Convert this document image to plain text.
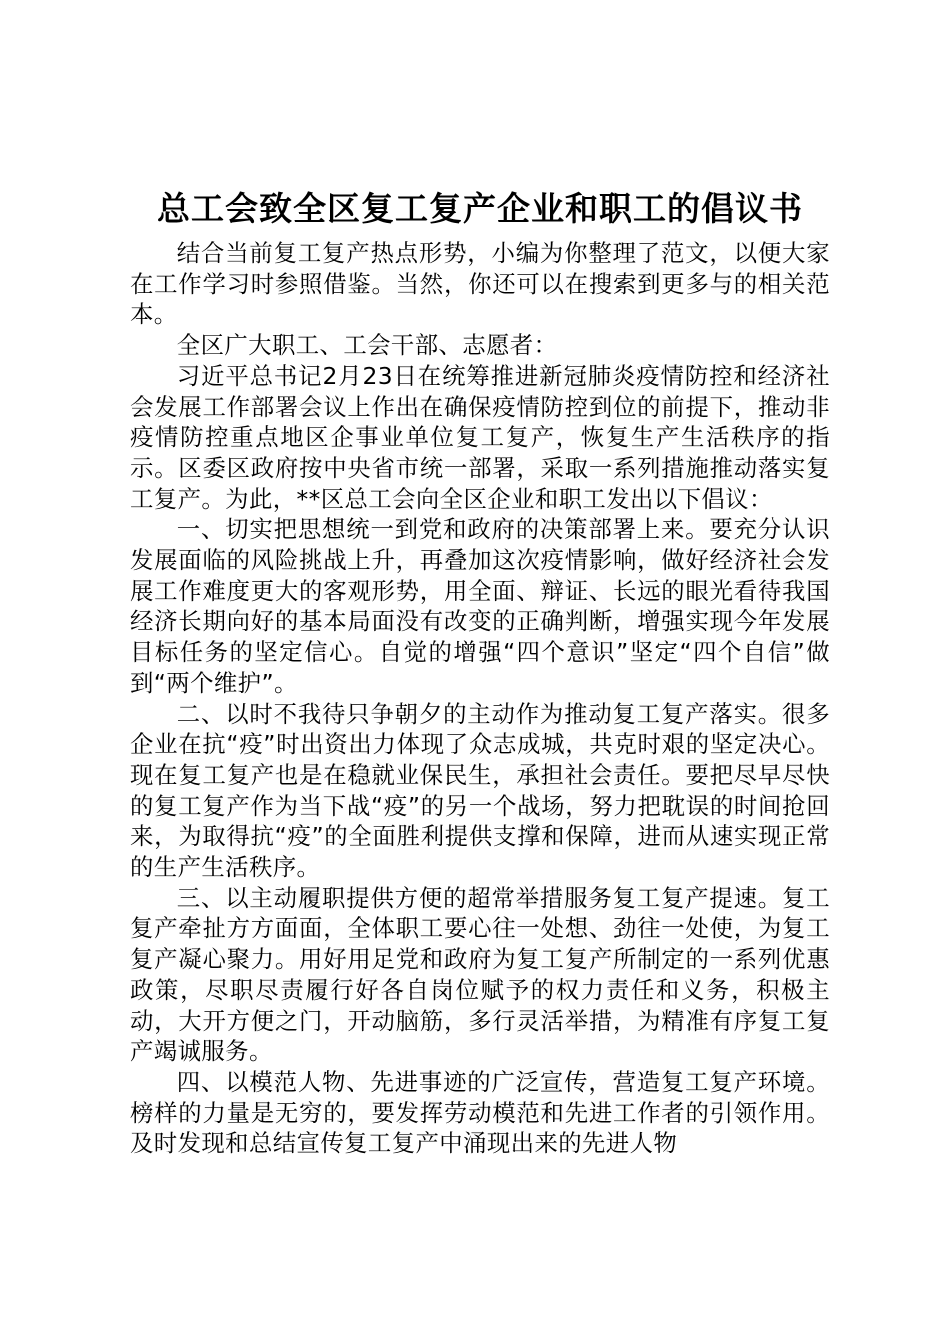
总工会致全区复工复产企业和职工的倡议书

结合当前复工复产热点形势，小编为你整理了范文，以便大家在工作学习时参照借鉴。当然，你还可以在搜索到更多与的相关范本。

全区广大职工、工会干部、志愿者：

习近平总书记2月23日在统筹推进新冠肺炎疫情防控和经济社会发展工作部署会议上作出在确保疫情防控到位的前提下，推动非疫情防控重点地区企事业单位复工复产，恢复生产生活秩序的指示。区委区政府按中央省市统一部署，采取一系列措施推动落实复工复产。为此，**区总工会向全区企业和职工发出以下倡议：

一、切实把思想统一到党和政府的决策部署上来。要充分认识发展面临的风险挑战上升，再叠加这次疫情影响，做好经济社会发展工作难度更大的客观形势，用全面、辩证、长远的眼光看待我国经济长期向好的基本局面没有改变的正确判断，增强实现今年发展目标任务的坚定信心。自觉的增强“四个意识”坚定“四个自信”做到“两个维护”。

二、以时不我待只争朝夕的主动作为推动复工复产落实。很多企业在抗“疫”时出资出力体现了众志成城，共克时艰的坚定决心。现在复工复产也是在稳就业保民生，承担社会责任。要把尽早尽快的复工复产作为当下战“疫”的另一个战场，努力把耽误的时间抢回来，为取得抗“疫”的全面胜利提供支撑和保障，进而从速实现正常的生产生活秩序。

三、以主动履职提供方便的超常举措服务复工复产提速。复工复产牵扯方方面面，全体职工要心往一处想、劲往一处使，为复工复产凝心聚力。用好用足党和政府为复工复产所制定的一系列优惠政策，尽职尽责履行好各自岗位赋予的权力责任和义务，积极主动，大开方便之门，开动脑筋，多行灵活举措，为精准有序复工复产竭诚服务。

四、以模范人物、先进事迹的广泛宣传，营造复工复产环境。榜样的力量是无穷的，要发挥劳动模范和先进工作者的引领作用。及时发现和总结宣传复工复产中涌现出来的先进人物
